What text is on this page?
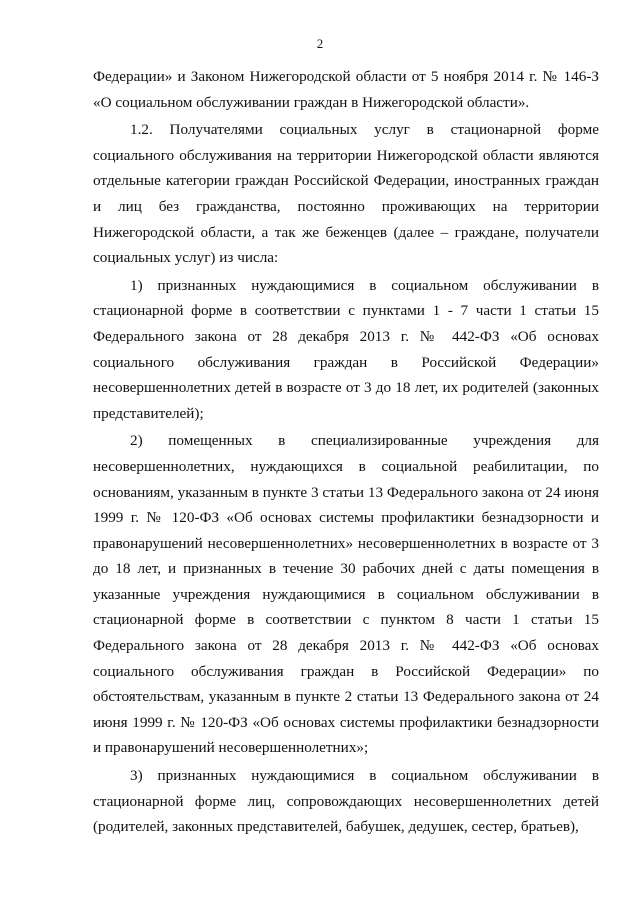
2

Федерации» и Законом Нижегородской области от 5 ноября 2014 г. № 146-З «О социальном обслуживании граждан в Нижегородской области».

1.2. Получателями социальных услуг в стационарной форме социального обслуживания на территории Нижегородской области являются отдельные категории граждан Российской Федерации, иностранных граждан и лиц без гражданства, постоянно проживающих на территории Нижегородской области, а так же беженцев (далее – граждане, получатели социальных услуг) из числа:

1) признанных нуждающимися в социальном обслуживании в стационарной форме в соответствии с пунктами 1 - 7 части 1 статьи 15 Федерального закона от 28 декабря 2013 г. № 442-ФЗ «Об основах социального обслуживания граждан в Российской Федерации» несовершеннолетних детей в возрасте от 3 до 18 лет, их родителей (законных представителей);

2) помещенных в специализированные учреждения для несовершеннолетних, нуждающихся в социальной реабилитации, по основаниям, указанным в пункте 3 статьи 13 Федерального закона от 24 июня 1999 г. № 120-ФЗ «Об основах системы профилактики безнадзорности и правонарушений несовершеннолетних» несовершеннолетних в возрасте от 3 до 18 лет, и признанных в течение 30 рабочих дней с даты помещения в указанные учреждения нуждающимися в социальном обслуживании в стационарной форме в соответствии с пунктом 8 части 1 статьи 15 Федерального закона от 28 декабря 2013 г. № 442-ФЗ «Об основах социального обслуживания граждан в Российской Федерации» по обстоятельствам, указанным в пункте 2 статьи 13 Федерального закона от 24 июня 1999 г. № 120-ФЗ «Об основах системы профилактики безнадзорности и правонарушений несовершеннолетних»;

3) признанных нуждающимися в социальном обслуживании в стационарной форме лиц, сопровождающих несовершеннолетних детей (родителей, законных представителей, бабушек, дедушек, сестер, братьев),
